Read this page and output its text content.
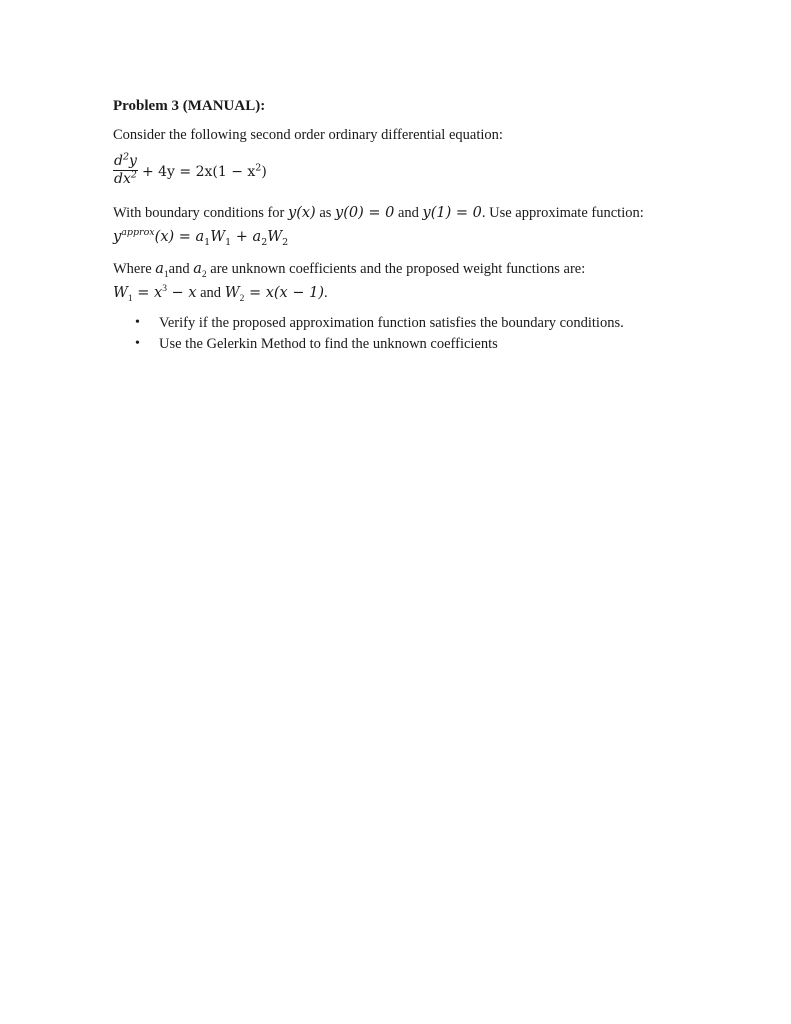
Problem 3 (MANUAL):

Consider the following second order ordinary differential equation:

$\frac{d^2y}{dx^2} + 4y = 2x(1 - x^2)$

With boundary conditions for y(x) as y(0) = 0 and y(1) = 0. Use approximate function:

$y^{approx}(x) = a_1W_1 + a_2W_2$

Where $a_1and$ $a_2$ are unknown coefficients and the proposed weight functions are:

$W_1 = x^3 - x$ and $W_2 = x(x - 1)$.

• Verify if the proposed approximation function satisfies the boundary conditions.
• Use the Gelerkin Method to find the unknown coefficients
